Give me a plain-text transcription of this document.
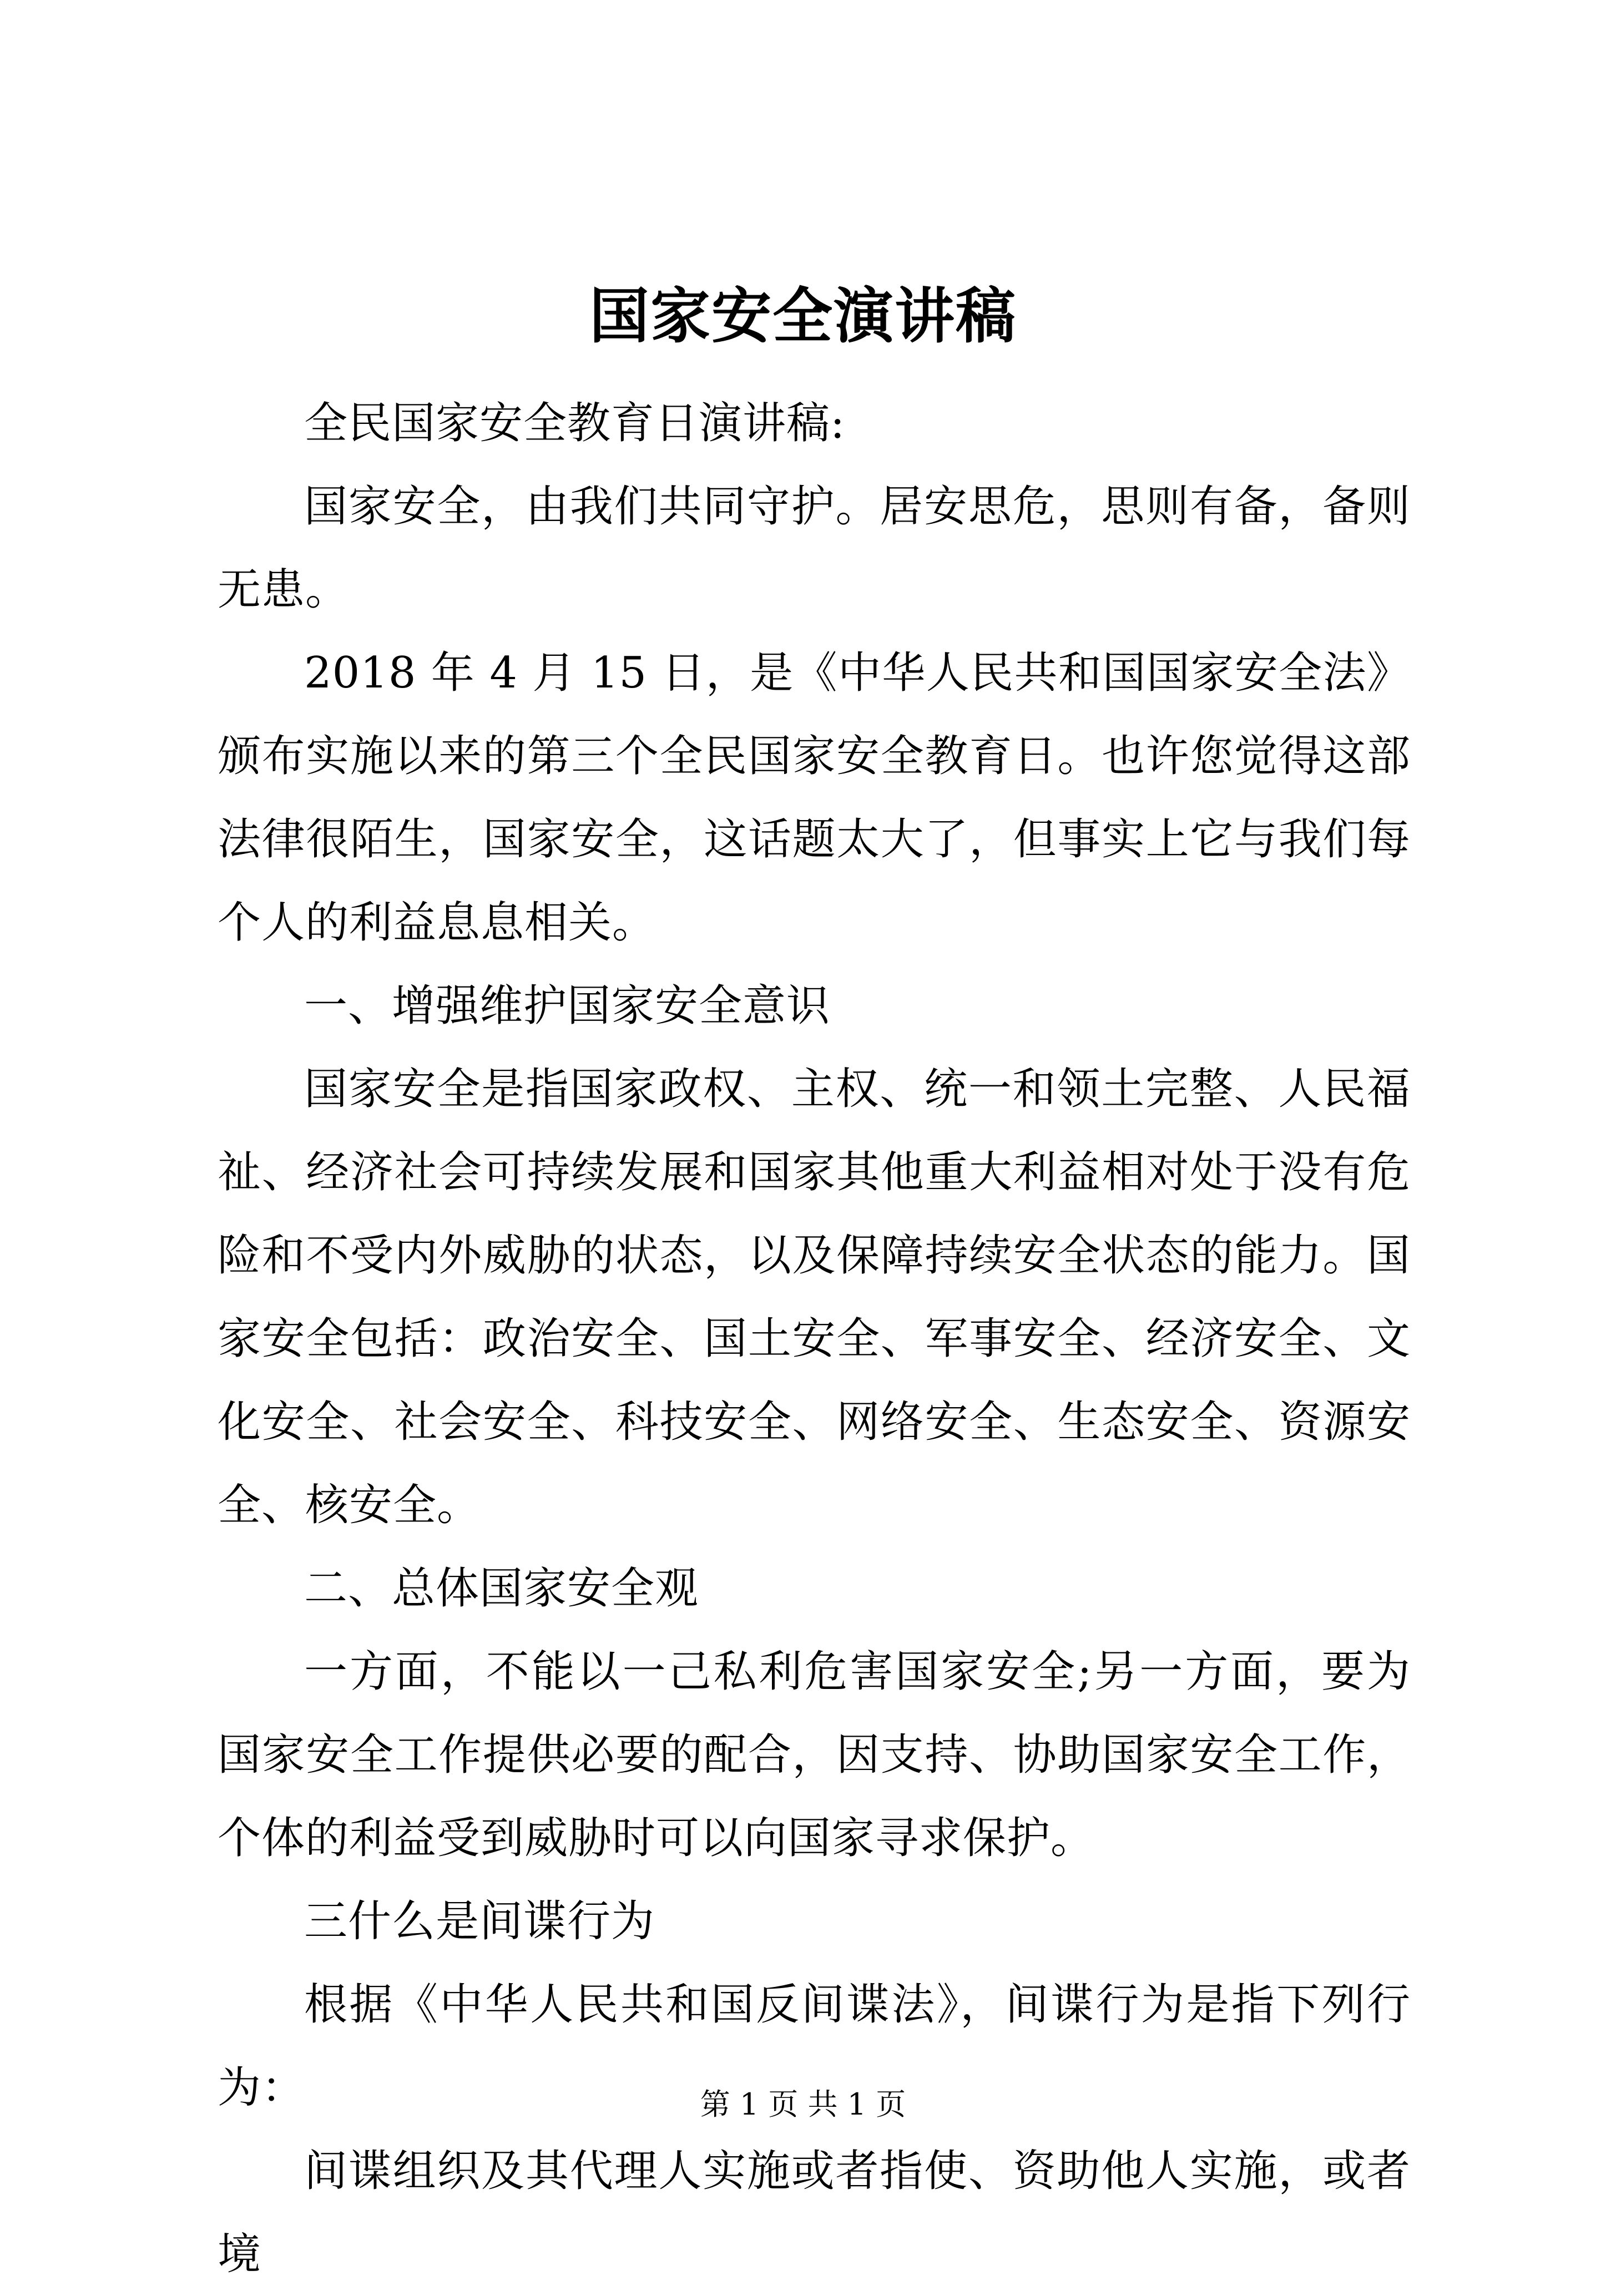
国家安全演讲稿

全民国家安全教育日演讲稿:

国家安全，由我们共同守护。居安思危，思则有备，备则无患。

2018 年 4 月 15 日，是《中华人民共和国国家安全法》颁布实施以来的第三个全民国家安全教育日。也许您觉得这部法律很陌生，国家安全，这话题太大了，但事实上它与我们每个人的利益息息相关。

一、增强维护国家安全意识

国家安全是指国家政权、主权、统一和领土完整、人民福祉、经济社会可持续发展和国家其他重大利益相对处于没有危险和不受内外威胁的状态，以及保障持续安全状态的能力。国家安全包括：政治安全、国土安全、军事安全、经济安全、文化安全、社会安全、科技安全、网络安全、生态安全、资源安全、核安全。

二、总体国家安全观

一方面，不能以一己私利危害国家安全;另一方面，要为国家安全工作提供必要的配合，因支持、协助国家安全工作，个体的利益受到威胁时可以向国家寻求保护。

三什么是间谍行为

根据《中华人民共和国反间谍法》，间谍行为是指下列行为：

间谍组织及其代理人实施或者指使、资助他人实施，或者境

第 1 页 共 1 页
